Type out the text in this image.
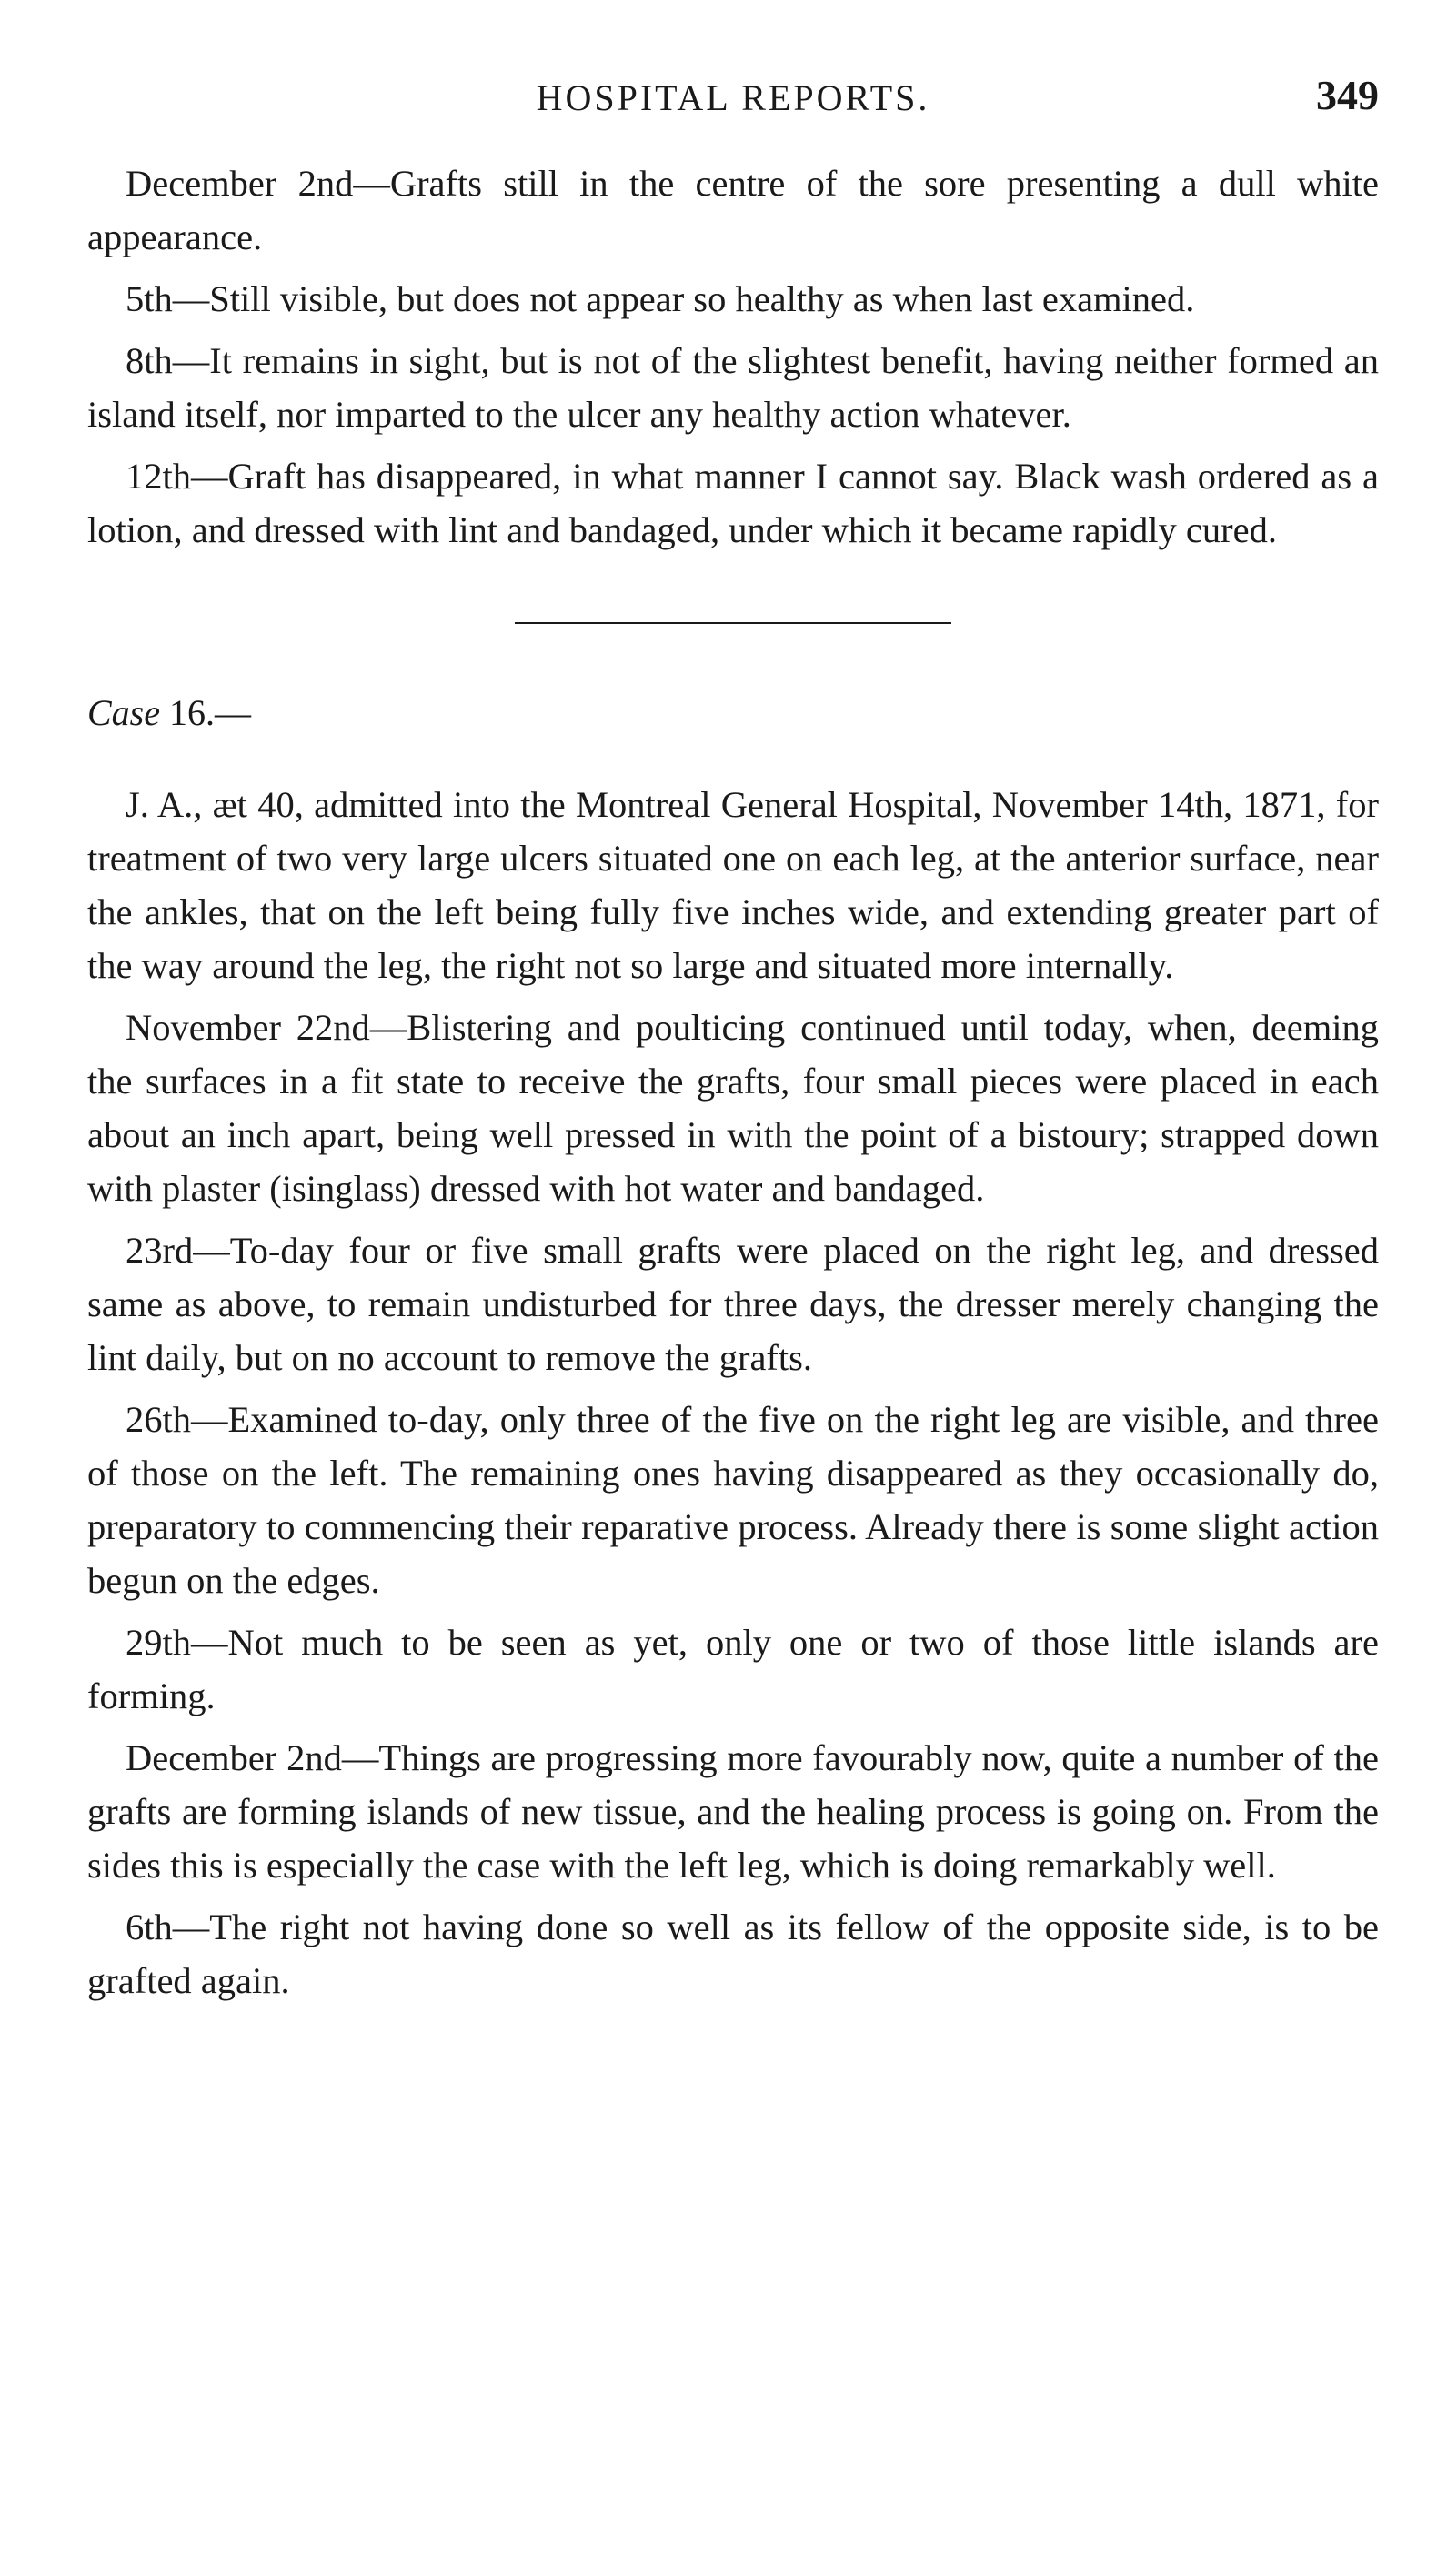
HOSPITAL REPORTS.	349

December 2nd—Grafts still in the centre of the sore presenting a dull white appearance.

5th—Still visible, but does not appear so healthy as when last examined.

8th—It remains in sight, but is not of the slightest benefit, having neither formed an island itself, nor imparted to the ulcer any healthy action whatever.

12th—Graft has disappeared, in what manner I cannot say. Black wash ordered as a lotion, and dressed with lint and bandaged, under which it became rapidly cured.

Case 16.—

J. A., æt 40, admitted into the Montreal General Hospital, November 14th, 1871, for treatment of two very large ulcers situated one on each leg, at the anterior surface, near the ankles, that on the left being fully five inches wide, and extending greater part of the way around the leg, the right not so large and situated more internally.

November 22nd—Blistering and poulticing continued until today, when, deeming the surfaces in a fit state to receive the grafts, four small pieces were placed in each about an inch apart, being well pressed in with the point of a bistoury; strapped down with plaster (isinglass) dressed with hot water and bandaged.

23rd—To-day four or five small grafts were placed on the right leg, and dressed same as above, to remain undisturbed for three days, the dresser merely changing the lint daily, but on no account to remove the grafts.

26th—Examined to-day, only three of the five on the right leg are visible, and three of those on the left. The remaining ones having disappeared as they occasionally do, preparatory to commencing their reparative process. Already there is some slight action begun on the edges.

29th—Not much to be seen as yet, only one or two of those little islands are forming.

December 2nd—Things are progressing more favourably now, quite a number of the grafts are forming islands of new tissue, and the healing process is going on. From the sides this is especially the case with the left leg, which is doing remarkably well.

6th—The right not having done so well as its fellow of the opposite side, is to be grafted again.
